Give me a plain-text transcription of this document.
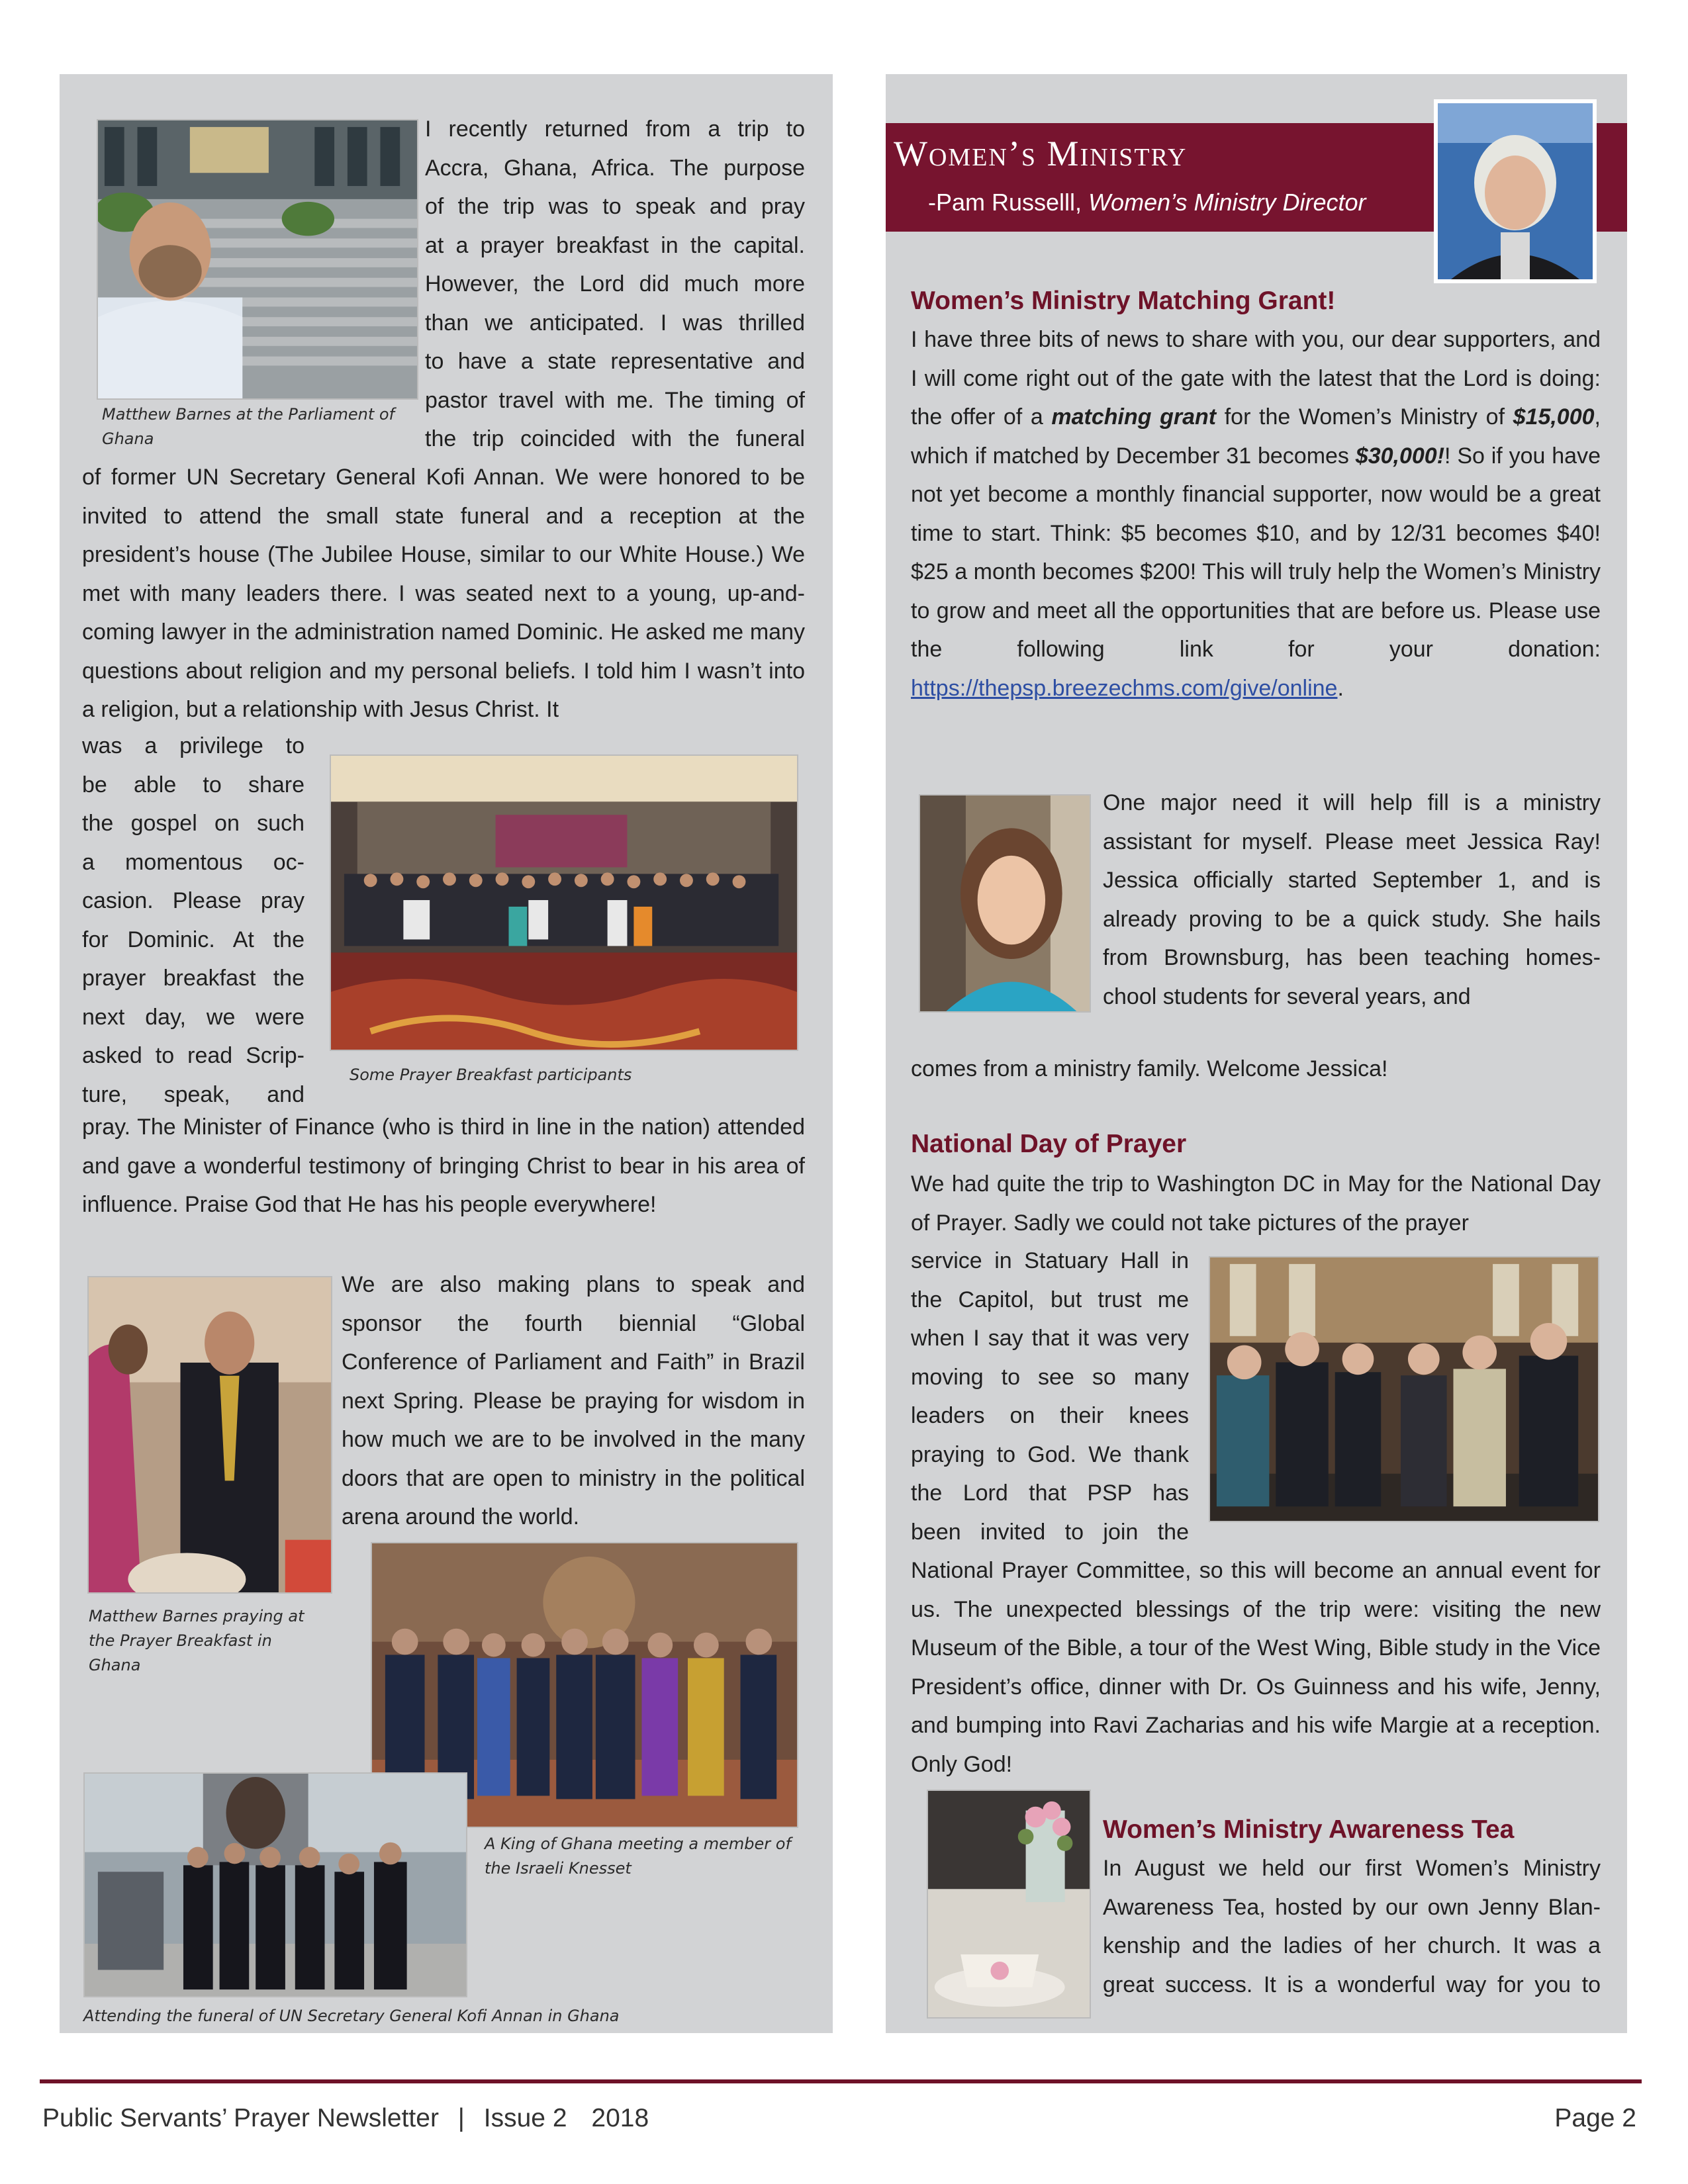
Matthew Barnes at the Parliament of Ghana
I recently returned from a trip to
Accra, Ghana, Africa. The purpose
of the trip was to speak and pray
at a prayer breakfast in the capital.
However, the Lord did much more
than we anticipated. I was thrilled
to have a state representative and
pastor travel with me. The timing of
the trip coincided with the funeral
of former UN Secretary General Kofi Annan. We were honored to be invited to attend the small state funeral and a reception at the president’s house (The Jubilee House, similar to our White House.) We met with many leaders there. I was seated next to a young, up-and-coming lawyer in the administration named Dominic. He asked me many questions about religion and my personal beliefs. I told him I wasn’t into a religion, but a relationship with Jesus Christ. It
was a privilege to
be able to share
the gospel on such
a momentous oc-
casion. Please pray
for Dominic. At the
prayer breakfast the
next day, we were
asked to read Scrip-
ture, speak, and
Some Prayer Breakfast participants
pray. The Minister of Finance (who is third in line in the nation) attended and gave a wonderful testimony of bringing Christ to bear in his area of influence. Praise God that He has his people everywhere!
Matthew Barnes praying at the Prayer Breakfast in Ghana
We are also making plans to speak and sponsor the fourth biennial “Global Conference of Parliament and Faith” in Brazil next Spring. Please be praying for wisdom in how much we are to be involved in the many doors that are open to ministry in the political arena around the world.
A King of Ghana meeting a member of the Israeli Knesset
Attending the funeral of UN Secretary General Kofi Annan in Ghana
Women’s Ministry
-Pam Russelll, Women’s Ministry Director
Women’s Ministry Matching Grant!
I have three bits of news to share with you, our dear supporters, and I will come right out of the gate with the latest that the Lord is doing: the offer of a matching grant for the Women’s Ministry of $15,000, which if matched by December 31 becomes $30,000!! So if you have not yet become a monthly financial supporter, now would be a great time to start. Think: $5 becomes $10, and by 12/31 becomes $40! $25 a month becomes $200! This will truly help the Women’s Ministry to grow and meet all the opportunities that are before us. Please use the following link for your donation: https://thepsp.breezechms.com/give/online.
One major need it will help fill is a ministry
assistant for myself. Please meet Jessica Ray!
Jessica officially started September 1, and is
already proving to be a quick study. She hails
from Brownsburg, has been teaching homes-
chool students for several years, and
comes from a ministry family. Welcome Jessica!
National Day of Prayer
We had quite the trip to Washington DC in May for the National Day of Prayer. Sadly we could not take pictures of the prayer
service in Statuary Hall in
the Capitol, but trust me
when I say that it was very
moving to see so many
leaders on their knees
praying to God. We thank
the Lord that PSP has
been invited to join the
National Prayer Committee, so this will become an annual event for us. The unexpected blessings of the trip were: visiting the new Museum of the Bible, a tour of the West Wing, Bible study in the Vice President’s office, dinner with Dr. Os Guinness and his wife, Jenny, and bumping into Ravi Zacharias and his wife Margie at a reception. Only God!
Women’s Ministry Awareness Tea
In August we held our first Women’s Ministry
Awareness Tea, hosted by our own Jenny Blan-
kenship and the ladies of her church. It was a
great success. It is a wonderful way for you to
Public Servants’ Prayer Newsletter | Issue 2 2018	Page 2
